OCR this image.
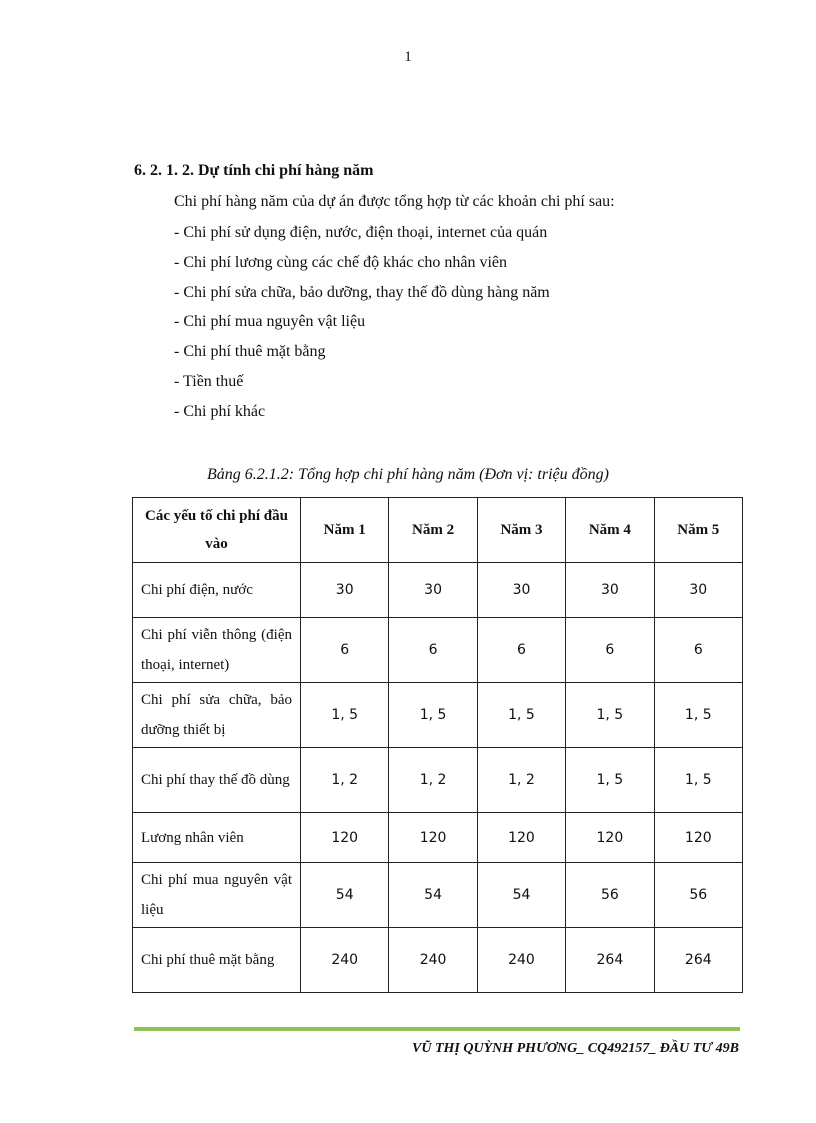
1
6. 2. 1. 2. Dự tính chi phí hàng năm
Chi phí hàng năm của dự án được tổng hợp từ các khoản chi phí sau:
- Chi phí sử dụng điện, nước, điện thoại, internet của quán
- Chi phí lương cùng các chế độ khác cho nhân viên
- Chi phí sửa chữa, bảo dưỡng, thay thế đồ dùng hàng năm
- Chi phí mua nguyên vật liệu
- Chi phí thuê mặt bằng
- Tiền thuế
- Chi phí khác
Bảng 6.2.1.2: Tổng hợp chi phí hàng năm (Đơn vị: triệu đồng)
Các yếu tố chi phí đầu vào	Năm 1	Năm 2	Năm 3	Năm 4	Năm 5
Chi phí điện, nước	30	30	30	30	30
Chi phí viễn thông (điện thoại, internet)	6	6	6	6	6
Chi phí sửa chữa, bảo dưỡng thiết bị	1, 5	1, 5	1, 5	1, 5	1, 5
Chi phí thay thế đồ dùng	1, 2	1, 2	1, 2	1, 5	1, 5
Lương nhân viên	120	120	120	120	120
Chi phí mua nguyên vật liệu	54	54	54	56	56
Chi phí thuê mặt bằng	240	240	240	264	264
VŨ THỊ QUỲNH PHƯƠNG_ CQ492157_ ĐẦU TƯ 49B
